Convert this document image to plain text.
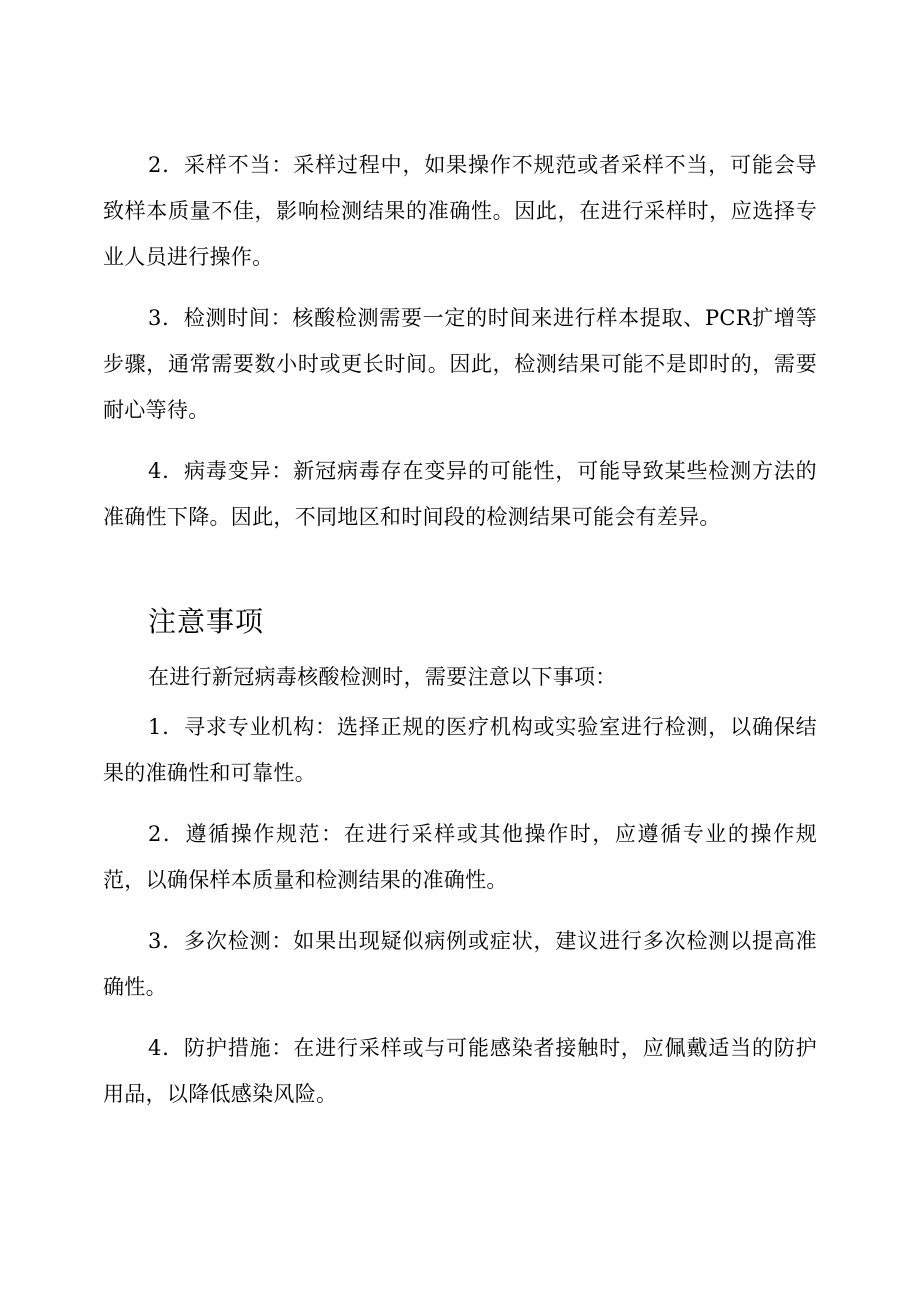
2．采样不当：采样过程中，如果操作不规范或者采样不当，可能会导致样本质量不佳，影响检测结果的准确性。因此，在进行采样时，应选择专业人员进行操作。

3．检测时间：核酸检测需要一定的时间来进行样本提取、PCR扩增等步骤，通常需要数小时或更长时间。因此，检测结果可能不是即时的，需要耐心等待。

4．病毒变异：新冠病毒存在变异的可能性，可能导致某些检测方法的准确性下降。因此，不同地区和时间段的检测结果可能会有差异。

注意事项

在进行新冠病毒核酸检测时，需要注意以下事项：

1．寻求专业机构：选择正规的医疗机构或实验室进行检测，以确保结果的准确性和可靠性。

2．遵循操作规范：在进行采样或其他操作时，应遵循专业的操作规范，以确保样本质量和检测结果的准确性。

3．多次检测：如果出现疑似病例或症状，建议进行多次检测以提高准确性。

4．防护措施：在进行采样或与可能感染者接触时，应佩戴适当的防护用品，以降低感染风险。
